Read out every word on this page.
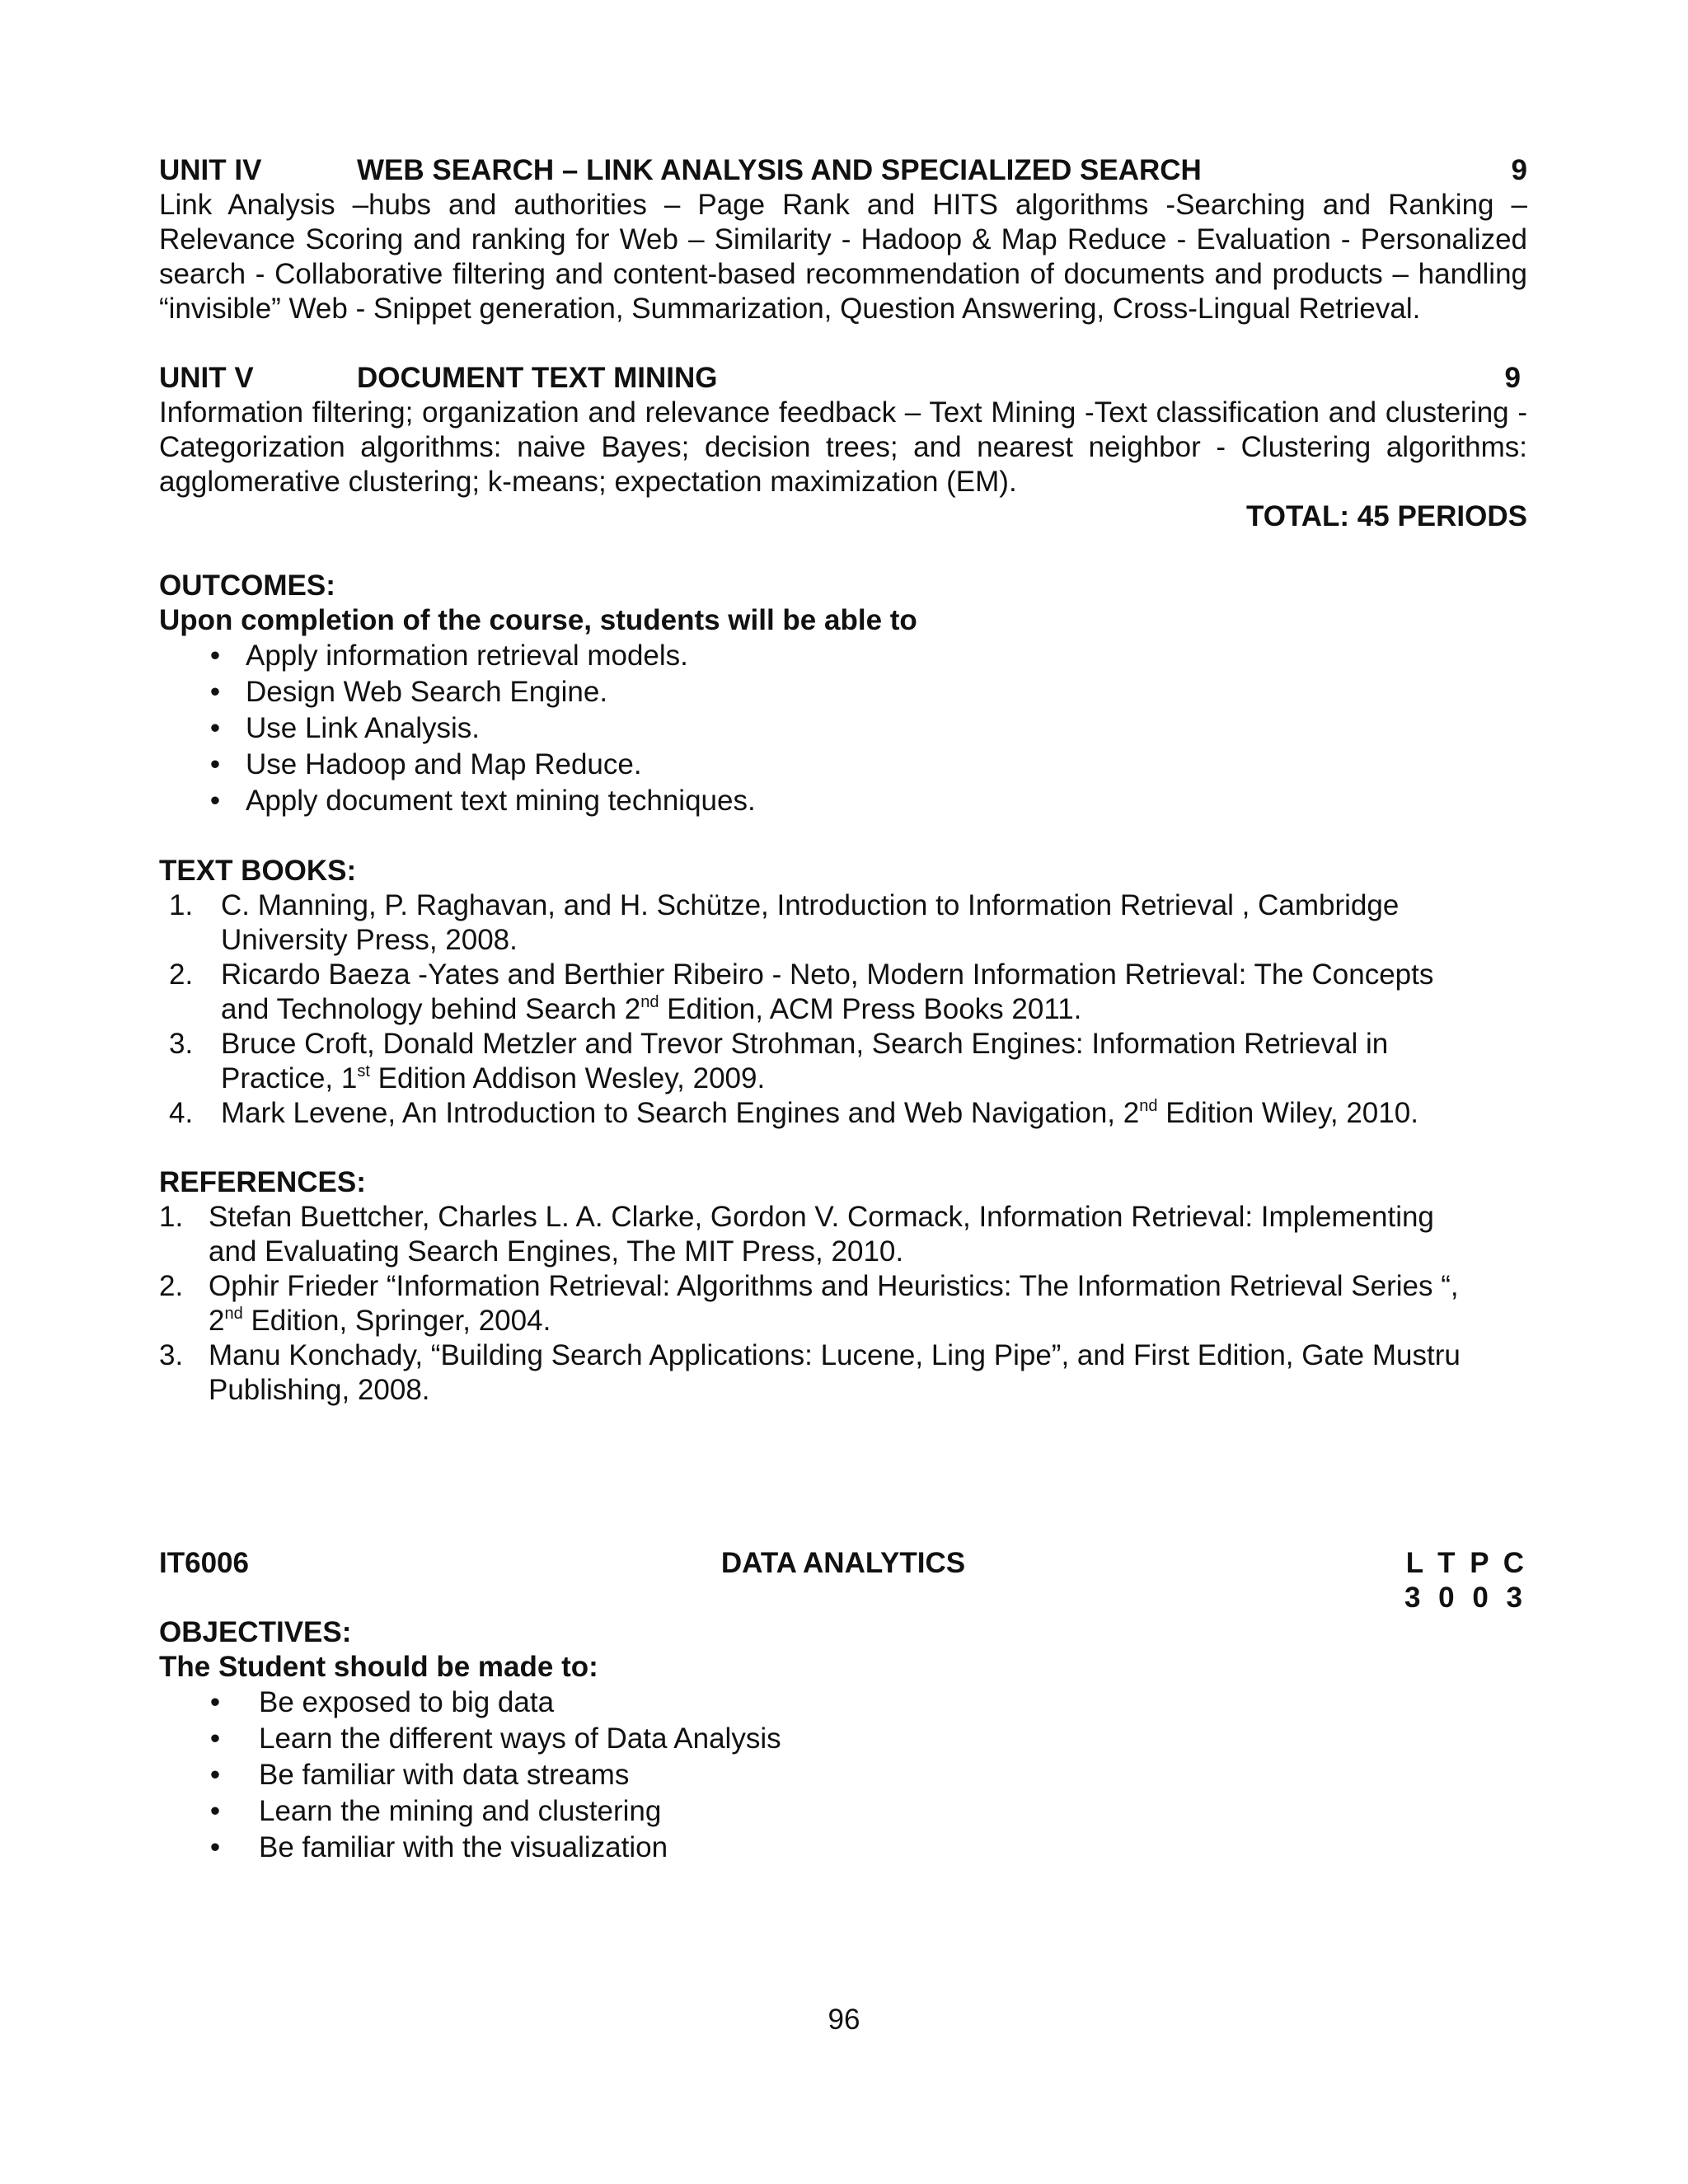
UNIT IV	WEB SEARCH – LINK ANALYSIS AND SPECIALIZED SEARCH	9

Link Analysis –hubs and authorities – Page Rank and HITS algorithms -Searching and Ranking – Relevance Scoring and ranking for Web – Similarity - Hadoop & Map Reduce - Evaluation - Personalized search - Collaborative filtering and content-based recommendation of documents and products – handling “invisible” Web - Snippet generation, Summarization, Question Answering, Cross-Lingual Retrieval.

UNIT V	DOCUMENT TEXT MINING	9

Information filtering; organization and relevance feedback – Text Mining -Text classification and clustering - Categorization algorithms: naive Bayes; decision trees; and nearest neighbor - Clustering algorithms: agglomerative clustering; k-means; expectation maximization (EM).

TOTAL: 45 PERIODS

OUTCOMES:

Upon completion of the course, students will be able to

• Apply information retrieval models.
• Design Web Search Engine.
• Use Link Analysis.
• Use Hadoop and Map Reduce.
• Apply document text mining techniques.

TEXT BOOKS:

1. C. Manning, P. Raghavan, and H. Schütze, Introduction to Information Retrieval , Cambridge
University Press, 2008.
2. Ricardo Baeza -Yates and Berthier Ribeiro - Neto, Modern Information Retrieval: The Concepts
and Technology behind Search 2nd Edition, ACM Press Books 2011.
3. Bruce Croft, Donald Metzler and Trevor Strohman, Search Engines: Information Retrieval in
Practice, 1st Edition Addison Wesley, 2009.
4. Mark Levene, An Introduction to Search Engines and Web Navigation, 2nd Edition Wiley, 2010.

REFERENCES:

1. Stefan Buettcher, Charles L. A. Clarke, Gordon V. Cormack, Information Retrieval: Implementing
and Evaluating Search Engines, The MIT Press, 2010.
2. Ophir Frieder “Information Retrieval: Algorithms and Heuristics: The Information Retrieval Series “,
2nd Edition, Springer, 2004.
3. Manu Konchady, “Building Search Applications: Lucene, Ling Pipe”, and First Edition, Gate Mustru
Publishing, 2008.
IT6006	DATA ANALYTICS	L T P C
3 0 0 3

OBJECTIVES:

The Student should be made to:

• Be exposed to big data
• Learn the different ways of Data Analysis
• Be familiar with data streams
• Learn the mining and clustering
• Be familiar with the visualization
96
